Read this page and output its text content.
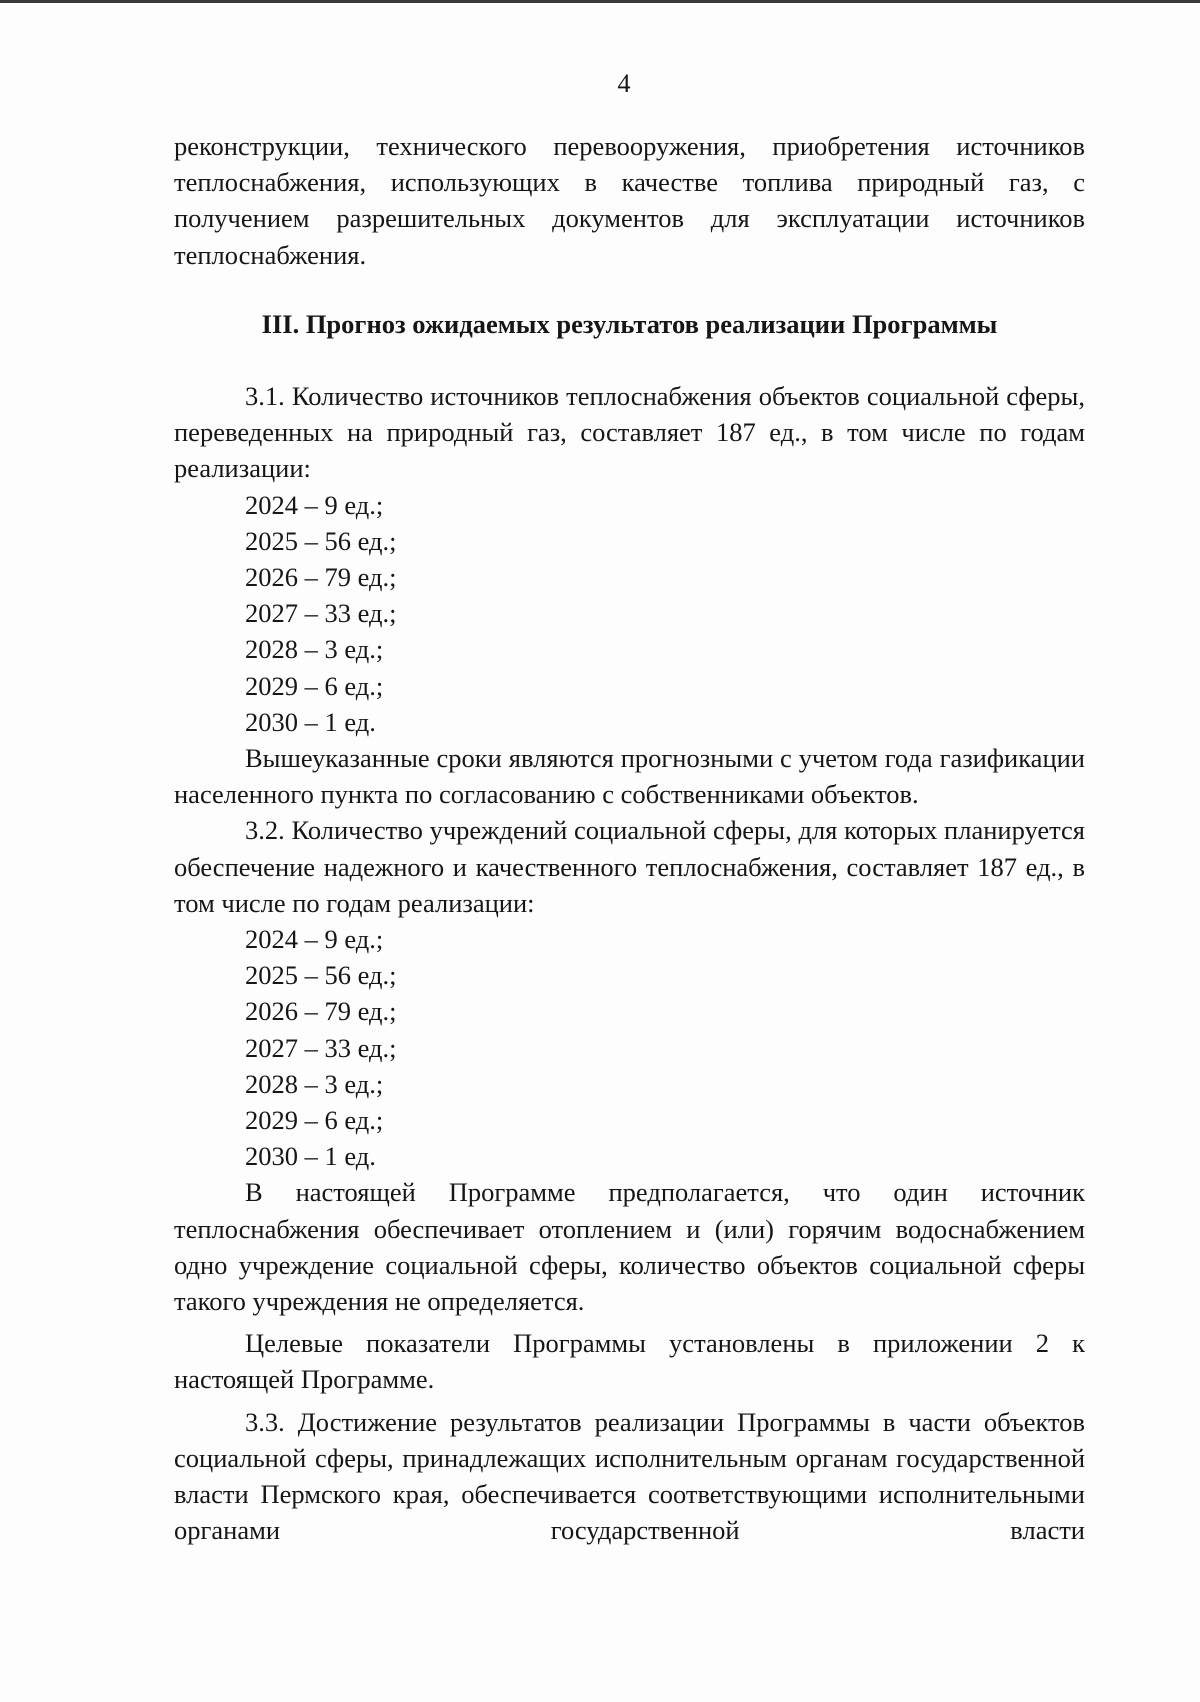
4

реконструкции, технического перевооружения, приобретения источников теплоснабжения, использующих в качестве топлива природный газ, с получением разрешительных документов для эксплуатации источников теплоснабжения.

III. Прогноз ожидаемых результатов реализации Программы

3.1. Количество источников теплоснабжения объектов социальной сферы, переведенных на природный газ, составляет 187 ед., в том числе по годам реализации:

2024 – 9 ед.;
2025 – 56 ед.;
2026 – 79 ед.;
2027 – 33 ед.;
2028 – 3 ед.;
2029 – 6 ед.;
2030 – 1 ед.

Вышеуказанные сроки являются прогнозными с учетом года газификации населенного пункта по согласованию с собственниками объектов.

3.2. Количество учреждений социальной сферы, для которых планируется обеспечение надежного и качественного теплоснабжения, составляет 187 ед., в том числе по годам реализации:

2024 – 9 ед.;
2025 – 56 ед.;
2026 – 79 ед.;
2027 – 33 ед.;
2028 – 3 ед.;
2029 – 6 ед.;
2030 – 1 ед.

В настоящей Программе предполагается, что один источник теплоснабжения обеспечивает отоплением и (или) горячим водоснабжением одно учреждение социальной сферы, количество объектов социальной сферы такого учреждения не определяется.

Целевые показатели Программы установлены в приложении 2 к настоящей Программе.

3.3. Достижение результатов реализации Программы в части объектов социальной сферы, принадлежащих исполнительным органам государственной власти Пермского края, обеспечивается соответствующими исполнительными органами государственной власти
